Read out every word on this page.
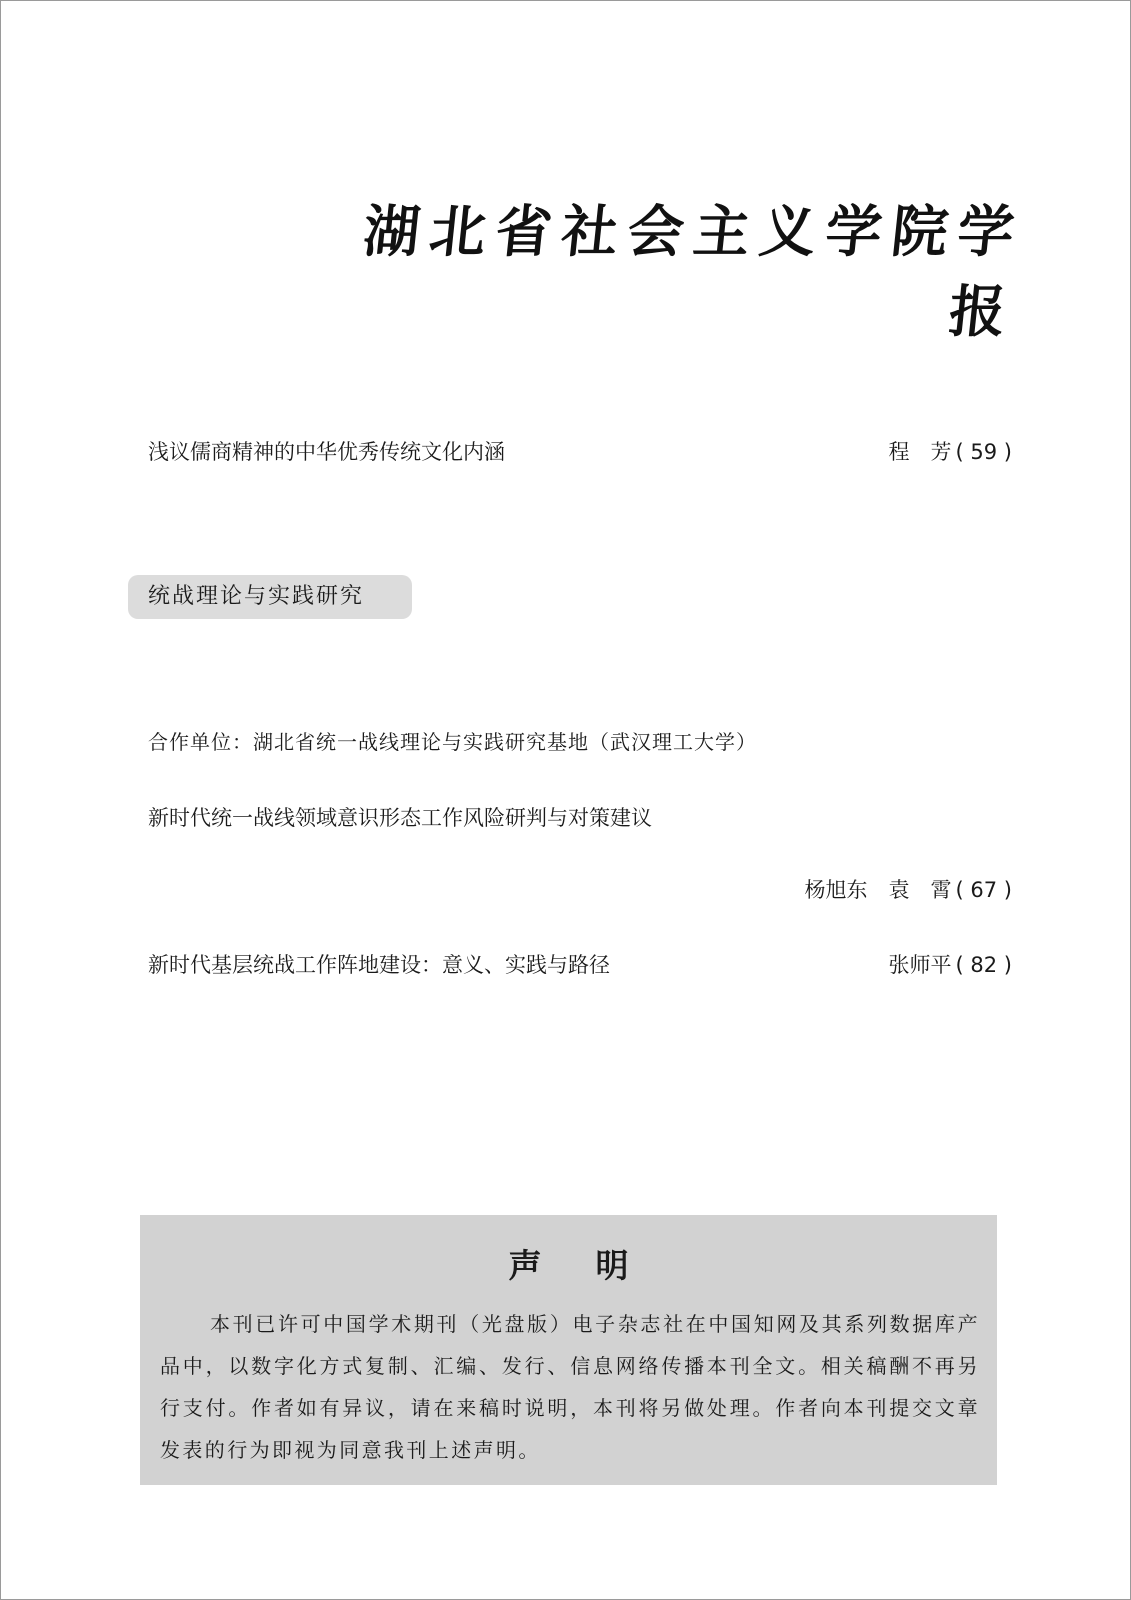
湖北省社会主义学院学报
浅议儒商精神的中华优秀传统文化内涵	程　芳 ( 59 )
统战理论与实践研究
合作单位：湖北省统一战线理论与实践研究基地（武汉理工大学）
新时代统一战线领域意识形态工作风险研判与对策建议
杨旭东　袁　霄 ( 67 )
新时代基层统战工作阵地建设：意义、实践与路径	张师平 ( 82 )
声明

本刊已许可中国学术期刊（光盘版）电子杂志社在中国知网及其系列数据库产品中，以数字化方式复制、汇编、发行、信息网络传播本刊全文。相关稿酬不再另行支付。作者如有异议，请在来稿时说明，本刊将另做处理。作者向本刊提交文章发表的行为即视为同意我刊上述声明。
